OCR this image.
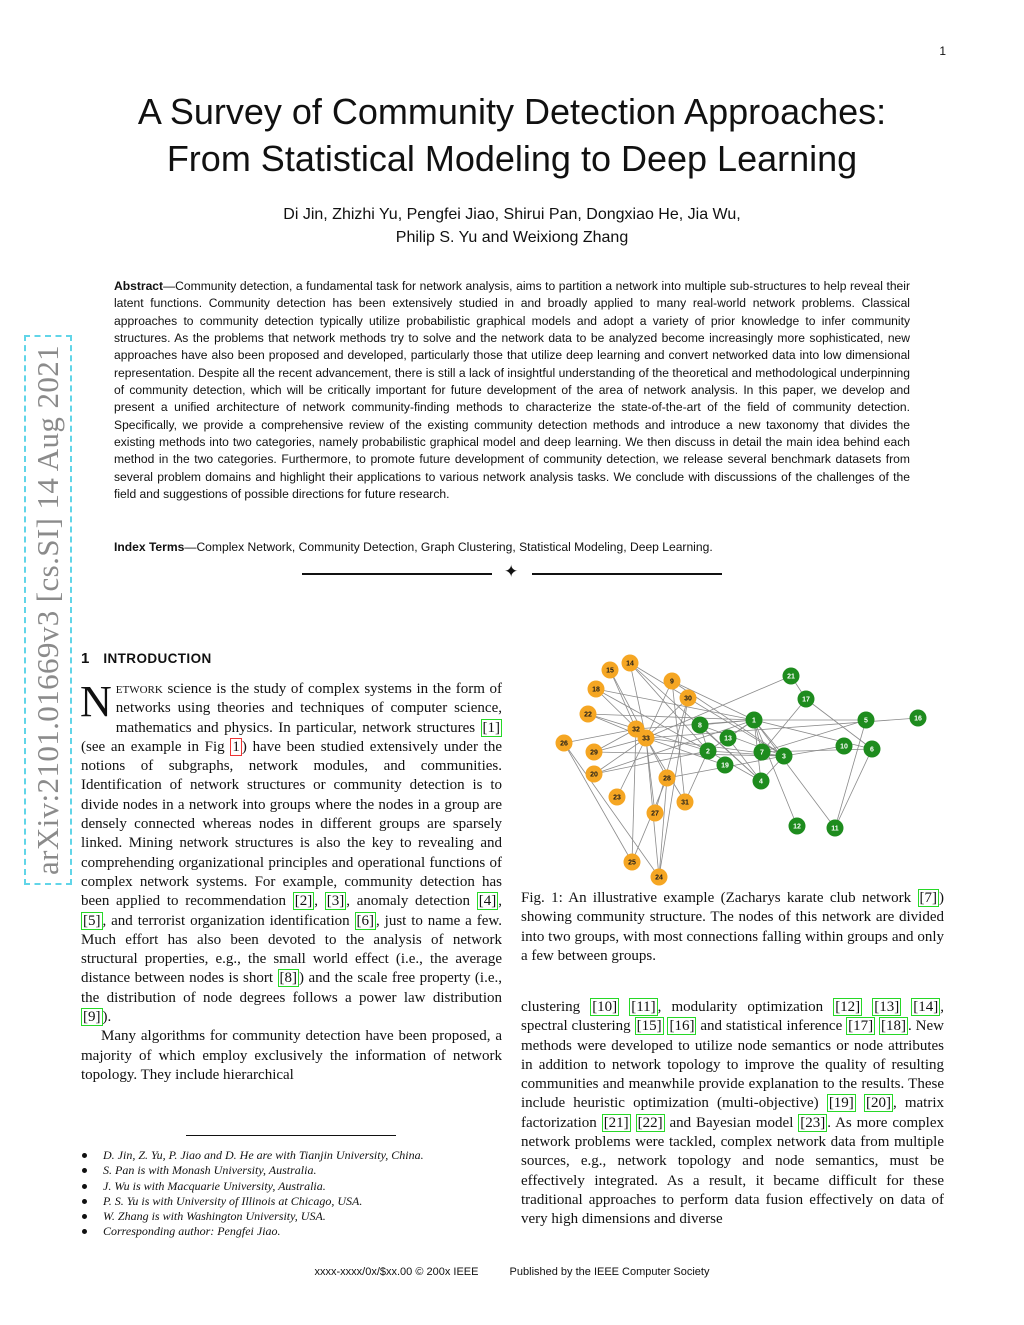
1
A Survey of Community Detection Approaches:
From Statistical Modeling to Deep Learning
Di Jin, Zhizhi Yu, Pengfei Jiao, Shirui Pan, Dongxiao He, Jia Wu,
Philip S. Yu and Weixiong Zhang
Abstract—Community detection, a fundamental task for network analysis, aims to partition a network into multiple sub-structures to help reveal their latent functions. Community detection has been extensively studied in and broadly applied to many real-world network problems. Classical approaches to community detection typically utilize probabilistic graphical models and adopt a variety of prior knowledge to infer community structures. As the problems that network methods try to solve and the network data to be analyzed become increasingly more sophisticated, new approaches have also been proposed and developed, particularly those that utilize deep learning and convert networked data into low dimensional representation. Despite all the recent advancement, there is still a lack of insightful understanding of the theoretical and methodological underpinning of community detection, which will be critically important for future development of the area of network analysis. In this paper, we develop and present a unified architecture of network community-finding methods to characterize the state-of-the-art of the field of community detection. Specifically, we provide a comprehensive review of the existing community detection methods and introduce a new taxonomy that divides the existing methods into two categories, namely probabilistic graphical model and deep learning. We then discuss in detail the main idea behind each method in the two categories. Furthermore, to promote future development of community detection, we release several benchmark datasets from several problem domains and highlight their applications to various network analysis tasks. We conclude with discussions of the challenges of the field and suggestions of possible directions for future research.
Index Terms—Complex Network, Community Detection, Graph Clustering, Statistical Modeling, Deep Learning.
✦
arXiv:2101.01669v3 [cs.SI] 14 Aug 2021	1 INTRODUCTION

Network science is the study of complex systems in the form of networks using theories and techniques of computer science, mathematics and physics. In particular, network structures [1] (see an example in Fig 1 ) have been studied extensively under the notions of subgraphs, network modules, and communities. Identification of network structures or community detection is to divide nodes in a network into groups where the nodes in a group are densely connected whereas nodes in different groups are sparsely linked. Mining network structures is also the key to revealing and comprehending organizational principles and operational functions of complex network systems. For example, community detection has been applied to recommendation [2] , [3] , anomaly detection [4] , [5] , and terrorist organization identification [6] , just to name a few. Much effort has also been devoted to the analysis of network structural properties, e.g., the small world effect (i.e., the average distance between nodes is short [8] ) and the scale free property (i.e., the distribution of node degrees follows a power law distribution [9] ).

Many algorithms for community detection have been proposed, a majority of which employ exclusively the information of network topology. They include hierarchical

D. Jin, Z. Yu, P. Jiao and D. He are with Tianjin University, China.
S. Pan is with Monash University, Australia.
J. Wu is with Macquarie University, Australia.
P. S. Yu is with University of Illinois at Chicago, USA.
W. Zhang is with Washington University, USA.
Corresponding author: Pengfei Jiao.
15
14
9
18
30
22
32
33
26
29
20
28
23
31
27
25
24
21
17
8
1	5	16
13
2	7
3
19
10	6
4
12	11
Fig. 1: An illustrative example (Zacharys karate club network [7] ) showing community structure. The nodes of this network are divided into two groups, with most connections falling within groups and only a few between groups.
clustering [10] [11] , modularity optimization [12] [13] [14] , spectral clustering [15] [16] and statistical inference [17] [18] . New methods were developed to utilize node semantics or node attributes in addition to network topology to improve the quality of resulting communities and meanwhile provide explanation to the results. These include heuristic optimization (multi-objective) [19] [20] , matrix factorization [21] [22] and Bayesian model [23] . As more complex network problems were tackled, complex network data from multiple sources, e.g., network topology and node semantics, must be effectively integrated. As a result, it became difficult for these traditional approaches to perform data fusion effectively on data of very high dimensions and diverse
xxxx-xxxx/0x/$xx.00 © 200x IEEE	Published by the IEEE Computer Society
